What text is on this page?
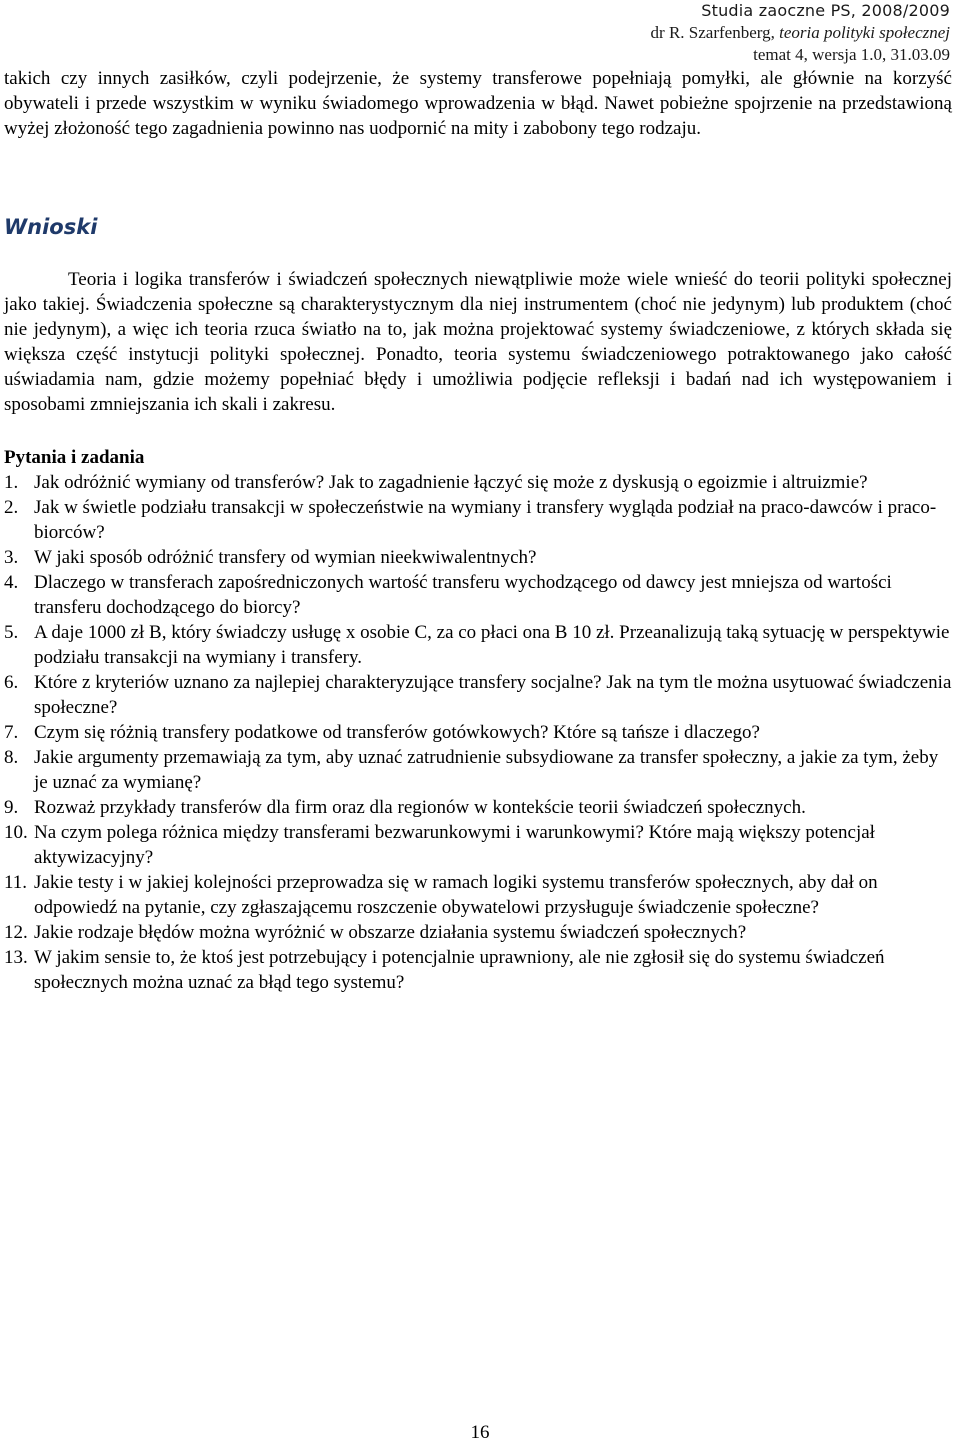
Studia zaoczne PS, 2008/2009
dr R. Szarfenberg, teoria polityki społecznej
temat 4, wersja 1.0, 31.03.09

takich czy innych zasiłków, czyli podejrzenie, że systemy transferowe popełniają pomyłki, ale głównie na korzyść obywateli i przede wszystkim w wyniku świadomego wprowadzenia w błąd. Nawet pobieżne spojrzenie na przedstawioną wyżej złożoność tego zagadnienia powinno nas uodpornić na mity i zabobony tego rodzaju.

Wnioski

Teoria i logika transferów i świadczeń społecznych niewątpliwie może wiele wnieść do teorii polityki społecznej jako takiej. Świadczenia społeczne są charakterystycznym dla niej instrumentem (choć nie jedynym) lub produktem (choć nie jedynym), a więc ich teoria rzuca światło na to, jak można projektować systemy świadczeniowe, z których składa się większa część instytucji polityki społecznej. Ponadto, teoria systemu świadczeniowego potraktowanego jako całość uświadamia nam, gdzie możemy popełniać błędy i umożliwia podjęcie refleksji i badań nad ich występowaniem i sposobami zmniejszania ich skali i zakresu.

Pytania i zadania
1. Jak odróżnić wymiany od transferów? Jak to zagadnienie łączyć się może z dyskusją o egoizmie i altruizmie?
2. Jak w świetle podziału transakcji w społeczeństwie na wymiany i transfery wygląda podział na praco-dawców i praco-biorców?
3. W jaki sposób odróżnić transfery od wymian nieekwiwalentnych?
4. Dlaczego w transferach zapośredniczonych wartość transferu wychodzącego od dawcy jest mniejsza od wartości transferu dochodzącego do biorcy?
5. A daje 1000 zł B, który świadczy usługę x osobie C, za co płaci ona B 10 zł. Przeanalizują taką sytuację w perspektywie podziału transakcji na wymiany i transfery.
6. Które z kryteriów uznano za najlepiej charakteryzujące transfery socjalne? Jak na tym tle można usytuować świadczenia społeczne?
7. Czym się różnią transfery podatkowe od transferów gotówkowych? Które są tańsze i dlaczego?
8. Jakie argumenty przemawiają za tym, aby uznać zatrudnienie subsydiowane za transfer społeczny, a jakie za tym, żeby je uznać za wymianę?
9. Rozważ przykłady transferów dla firm oraz dla regionów w kontekście teorii świadczeń społecznych.
10. Na czym polega różnica między transferami bezwarunkowymi i warunkowymi? Które mają większy potencjał aktywizacyjny?
11. Jakie testy i w jakiej kolejności przeprowadza się w ramach logiki systemu transferów społecznych, aby dał on odpowiedź na pytanie, czy zgłaszającemu roszczenie obywatelowi przysługuje świadczenie społeczne?
12. Jakie rodzaje błędów można wyróżnić w obszarze działania systemu świadczeń społecznych?
13. W jakim sensie to, że ktoś jest potrzebujący i potencjalnie uprawniony, ale nie zgłosił się do systemu świadczeń społecznych można uznać za błąd tego systemu?
16
